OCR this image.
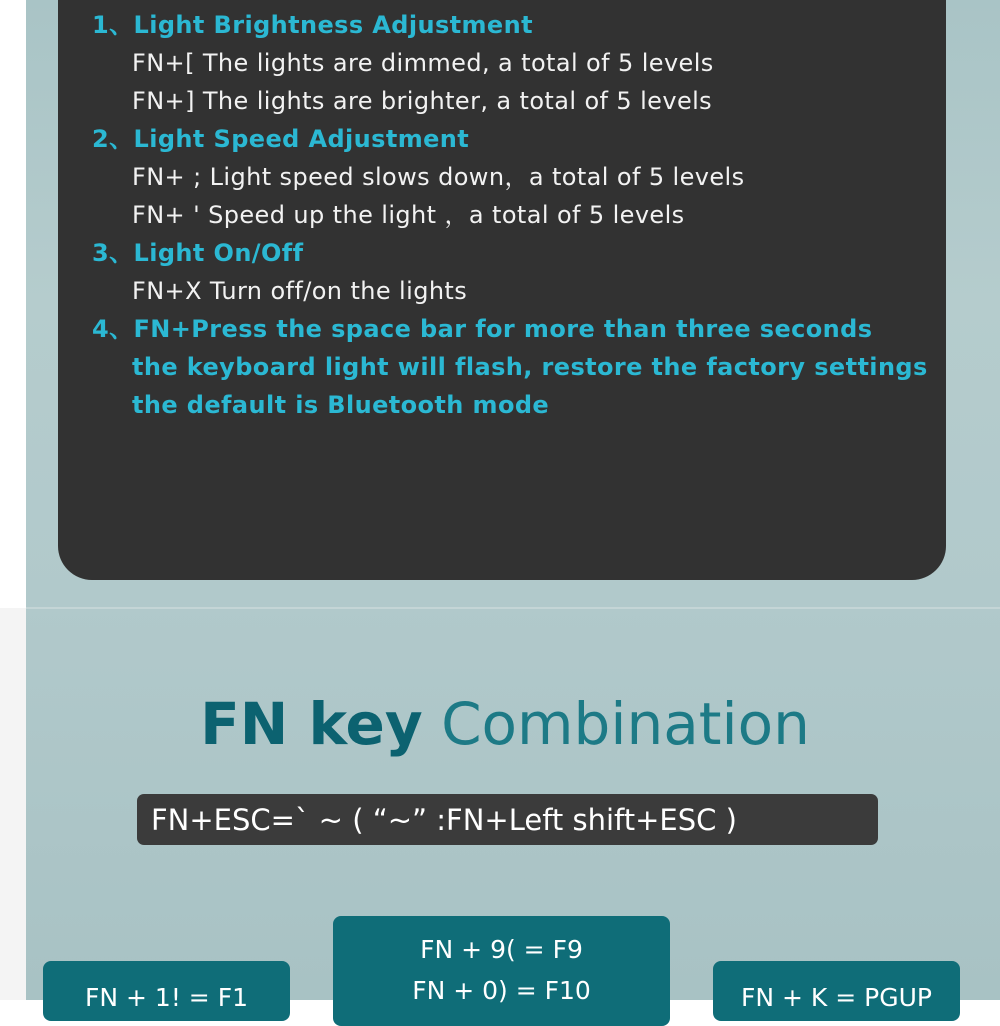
1、Light Brightness Adjustment
FN+[ The lights are dimmed, a total of 5 levels
FN+] The lights are brighter, a total of 5 levels
2、Light Speed Adjustment
FN+ ; Light speed slows down，a total of 5 levels
FN+ ' Speed up the light ，a total of 5 levels
3、Light On/Off
FN+X Turn off/on the lights
4、FN+Press the space bar for more than three seconds
the keyboard light will flash, restore the factory settings
the default is Bluetooth mode
FN key Combination
FN+ESC=` ~ ( “~” :FN+Left shift+ESC )
FN + 1! = F1
FN + 9( = F9
FN + 0) = F10	FN + K = PGUP
